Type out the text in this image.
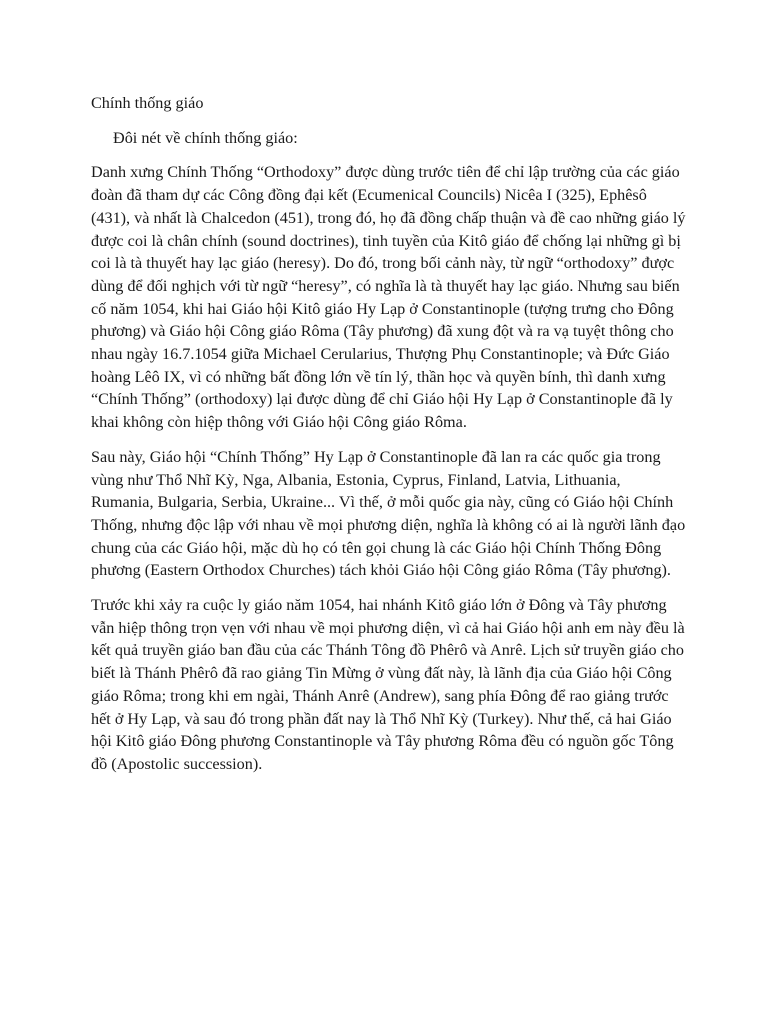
Chính thống giáo
Đôi nét về chính thống giáo:

Danh xưng Chính Thống “Orthodoxy” được dùng trước tiên để chỉ lập trường của các giáo đoàn đã tham dự các Công đồng đại kết (Ecumenical Councils) Nicêa I (325), Ephêsô (431), và nhất là Chalcedon (451), trong đó, họ đã đồng chấp thuận và đề cao những giáo lý được coi là chân chính (sound doctrines), tinh tuyền của Kitô giáo để chống lại những gì bị coi là tà thuyết hay lạc giáo (heresy). Do đó, trong bối cảnh này, từ ngữ “orthodoxy” được dùng để đối nghịch với từ ngữ “heresy”, có nghĩa là tà thuyết hay lạc giáo. Nhưng sau biến cố năm 1054, khi hai Giáo hội Kitô giáo Hy Lạp ở Constantinople (tượng trưng cho Đông phương) và Giáo hội Công giáo Rôma (Tây phương) đã xung đột và ra vạ tuyệt thông cho nhau ngày 16.7.1054 giữa Michael Cerularius, Thượng Phụ Constantinople; và Đức Giáo hoàng Lêô IX, vì có những bất đồng lớn về tín lý, thần học và quyền bính, thì danh xưng “Chính Thống” (orthodoxy) lại được dùng để chỉ Giáo hội Hy Lạp ở Constantinople đã ly khai không còn hiệp thông với Giáo hội Công giáo Rôma.

Sau này, Giáo hội “Chính Thống” Hy Lạp ở Constantinople đã lan ra các quốc gia trong vùng như Thổ Nhĩ Kỳ, Nga, Albania, Estonia, Cyprus, Finland, Latvia, Lithuania, Rumania, Bulgaria, Serbia, Ukraine... Vì thế, ở mỗi quốc gia này, cũng có Giáo hội Chính Thống, nhưng độc lập với nhau về mọi phương diện, nghĩa là không có ai là người lãnh đạo chung của các Giáo hội, mặc dù họ có tên gọi chung là các Giáo hội Chính Thống Đông phương (Eastern Orthodox Churches) tách khỏi Giáo hội Công giáo Rôma (Tây phương).

Trước khi xảy ra cuộc ly giáo năm 1054, hai nhánh Kitô giáo lớn ở Đông và Tây phương vẫn hiệp thông trọn vẹn với nhau về mọi phương diện, vì cả hai Giáo hội anh em này đều là kết quả truyền giáo ban đầu của các Thánh Tông đồ Phêrô và Anrê. Lịch sử truyền giáo cho biết là Thánh Phêrô đã rao giảng Tin Mừng ở vùng đất này, là lãnh địa của Giáo hội Công giáo Rôma; trong khi em ngài, Thánh Anrê (Andrew), sang phía Đông để rao giảng trước hết ở Hy Lạp, và sau đó trong phần đất nay là Thổ Nhĩ Kỳ (Turkey). Như thế, cả hai Giáo hội Kitô giáo Đông phương Constantinople và Tây phương Rôma đều có nguồn gốc Tông đồ (Apostolic succession).
